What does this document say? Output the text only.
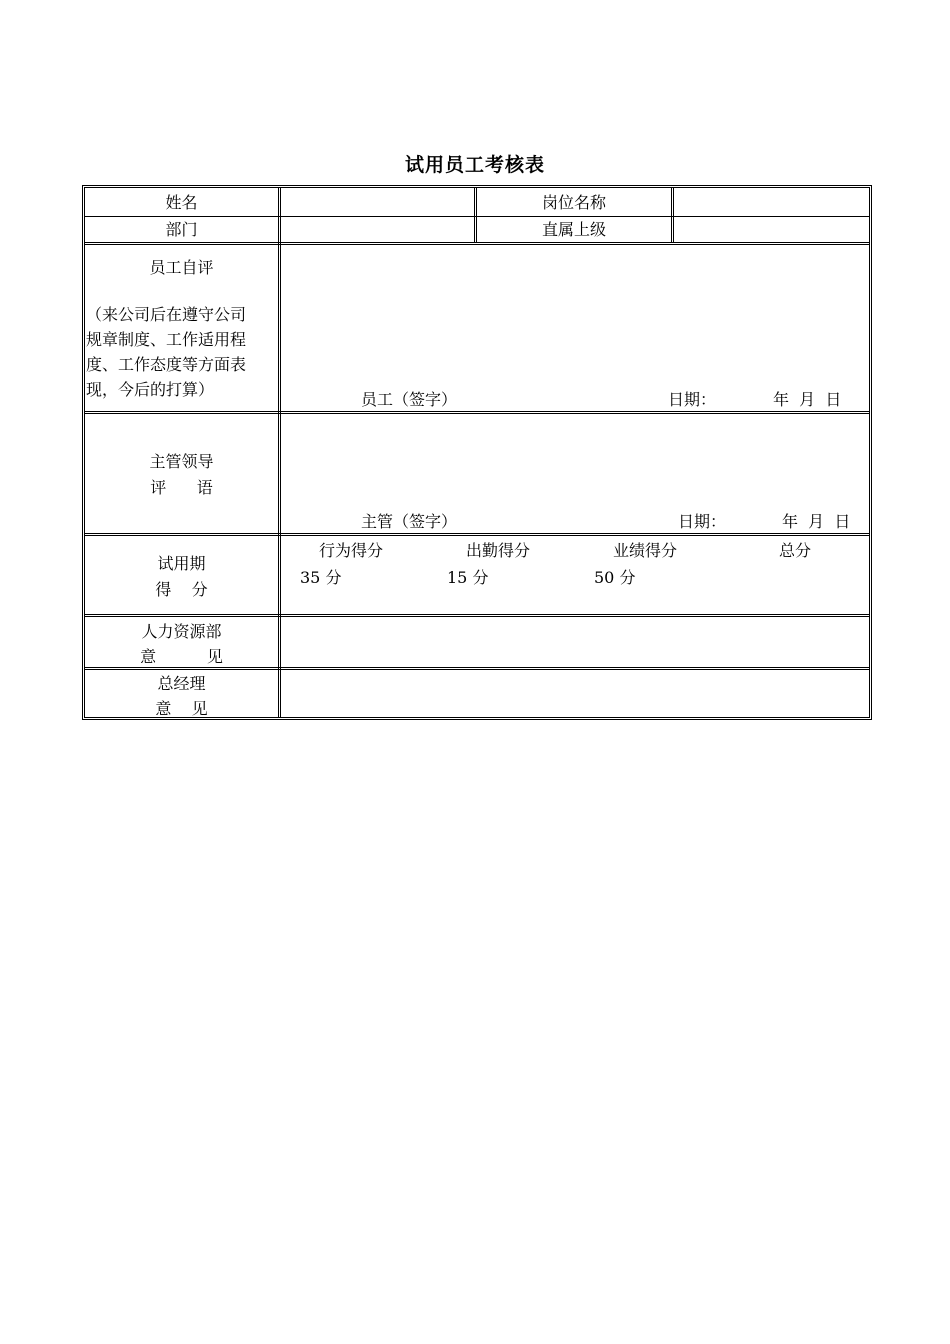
试用员工考核表
姓名	岗位名称
部门	直属上级
员工自评
（来公司后在遵守公司
规章制度、工作适用程
度、工作态度等方面表
现，今后的打算）
员工（签字）	日期：	年  月  日
主管领导
评      语
主管（签字）	日期：	年  月  日
试用期
得    分
行为得分	出勤得分	业绩得分	总分
35 分	15 分	50 分
人力资源部
意          见
总经理
意    见
